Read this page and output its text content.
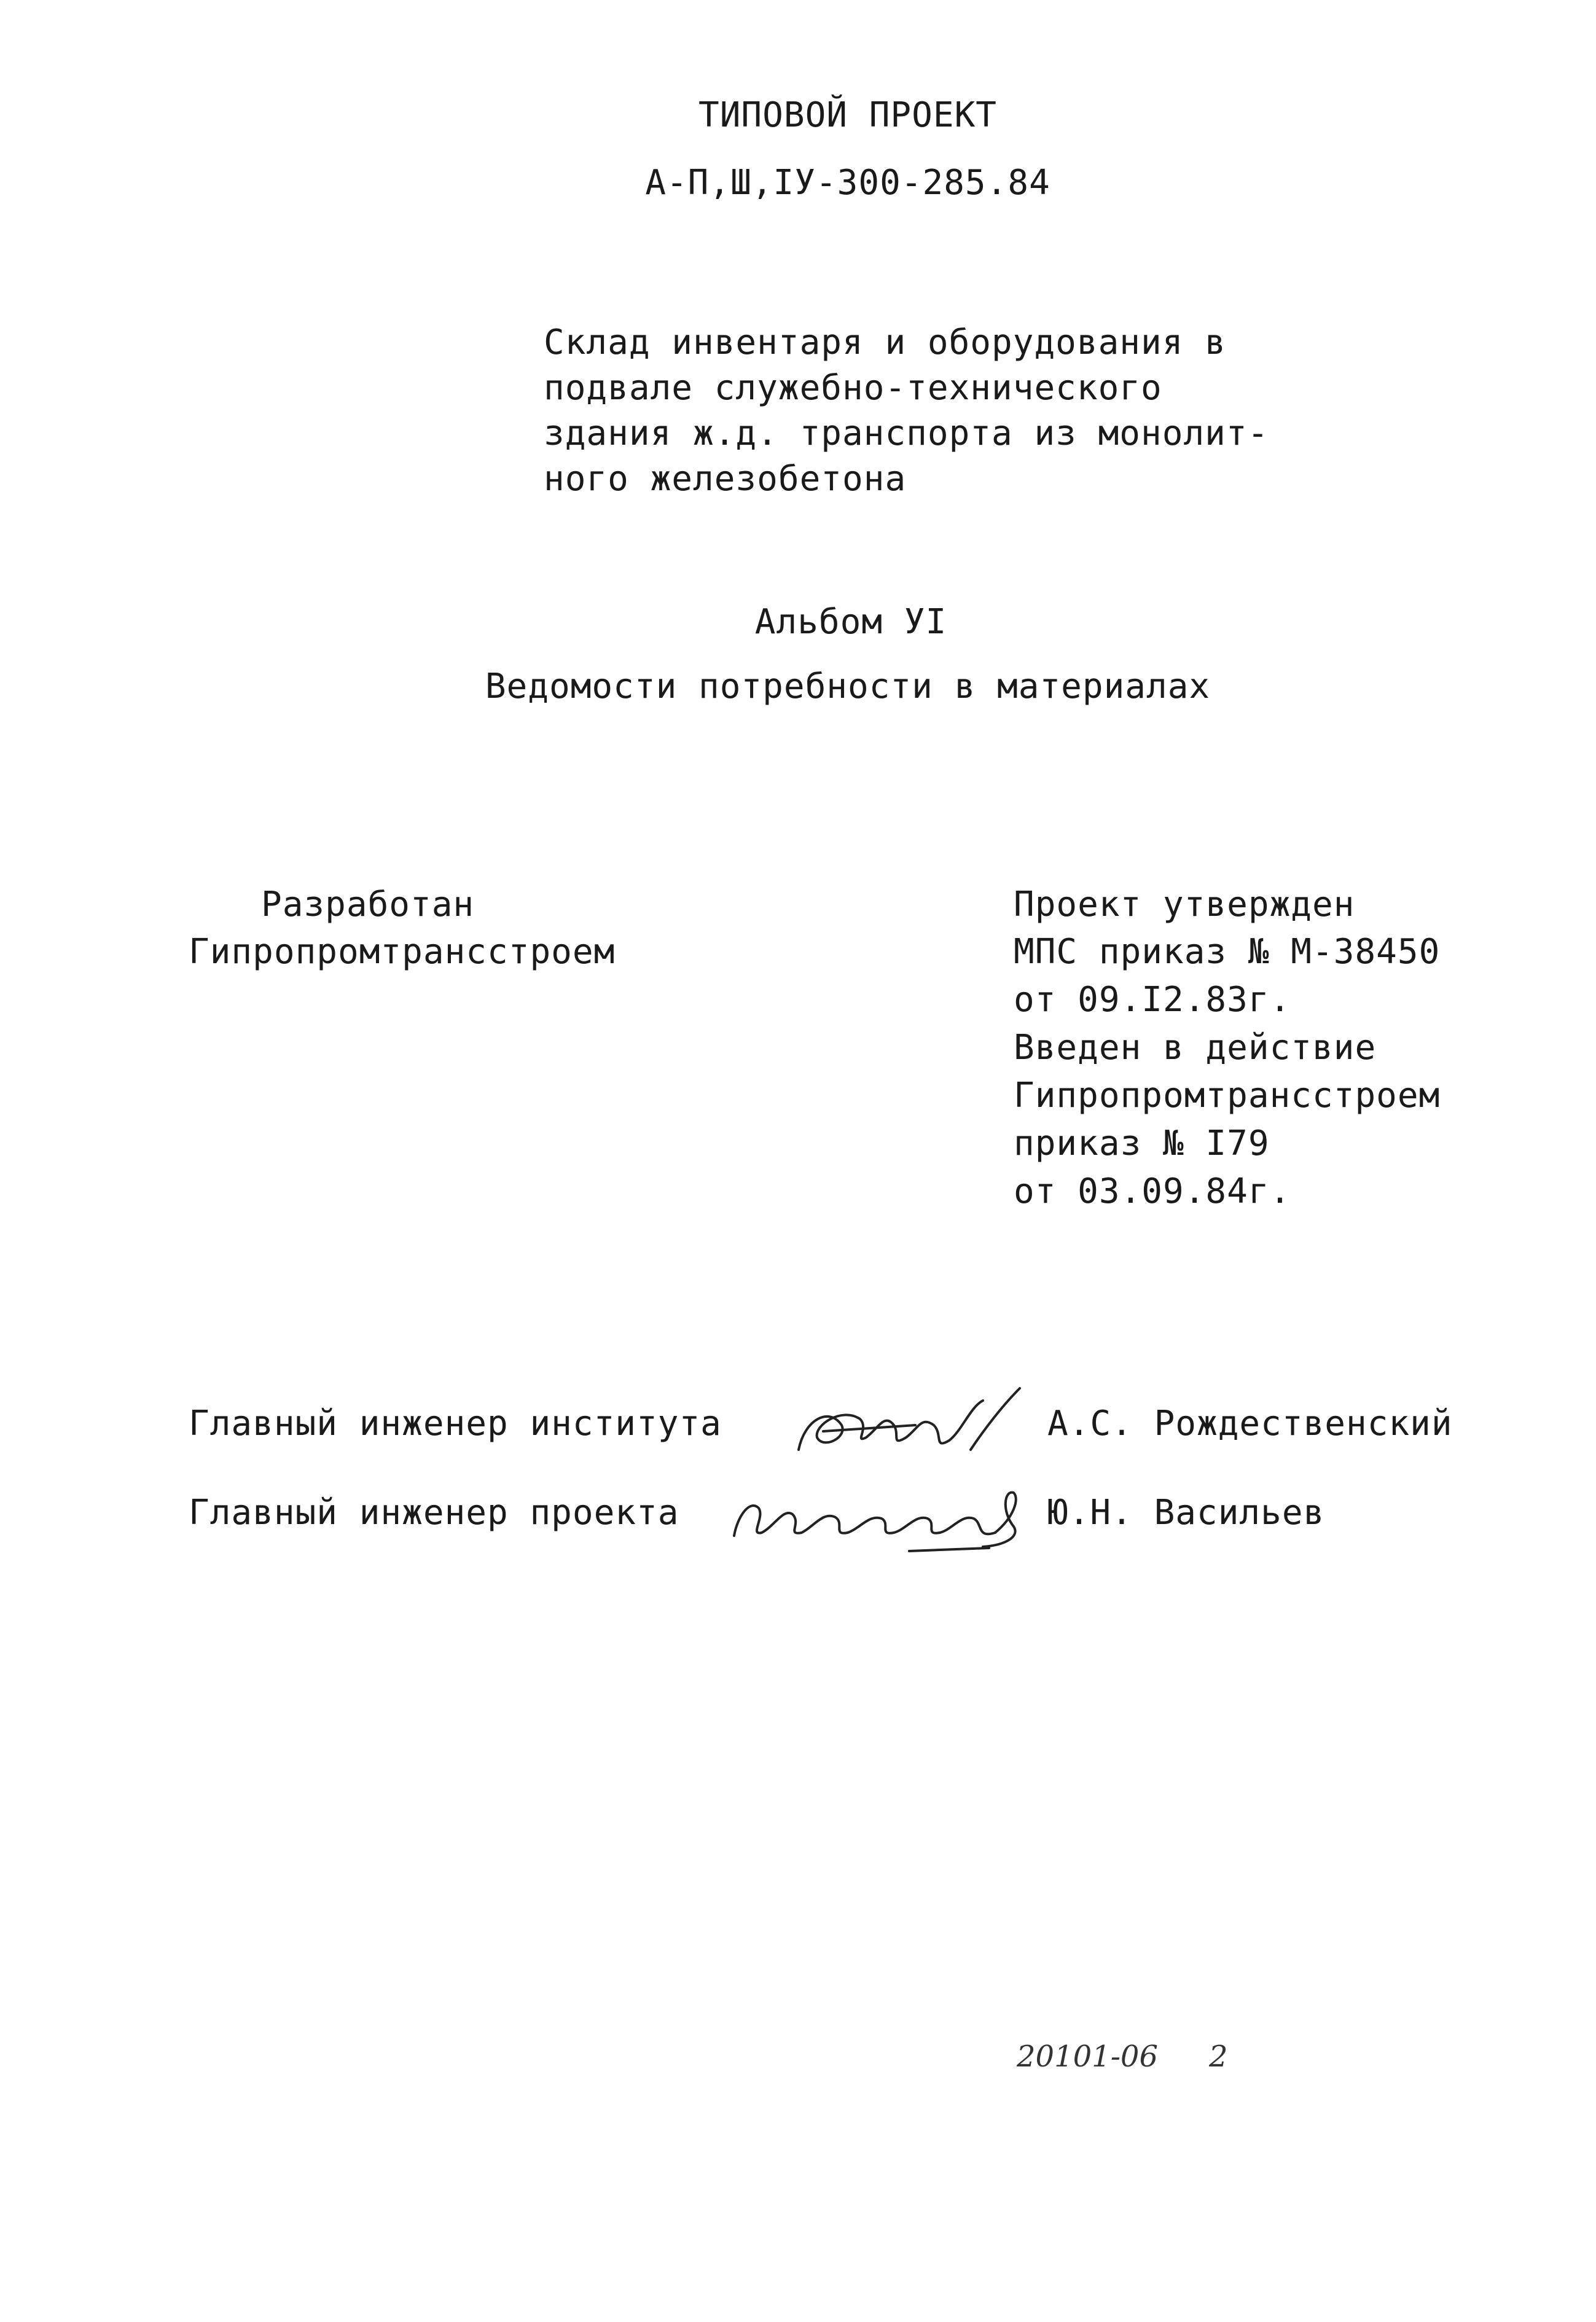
ТИПОВОЙ ПРОЕКТ
А-П,Ш,IУ-300-285.84
Склад инвентаря и оборудования в
подвале служебно-технического
здания ж.д. транспорта из монолит-
ного железобетона
Альбом УI
Ведомости потребности в материалах
Разработан
Гипропромтрансстроем
Проект утвержден
МПС приказ № М-38450
от 09.I2.83г.
Введен в действие
Гипропромтрансстроем
приказ № I79
от 03.09.84г.
Главный инженер института	А.С. Рождественский
Главный инженер проекта	Ю.Н. Васильев
20101-06 2
